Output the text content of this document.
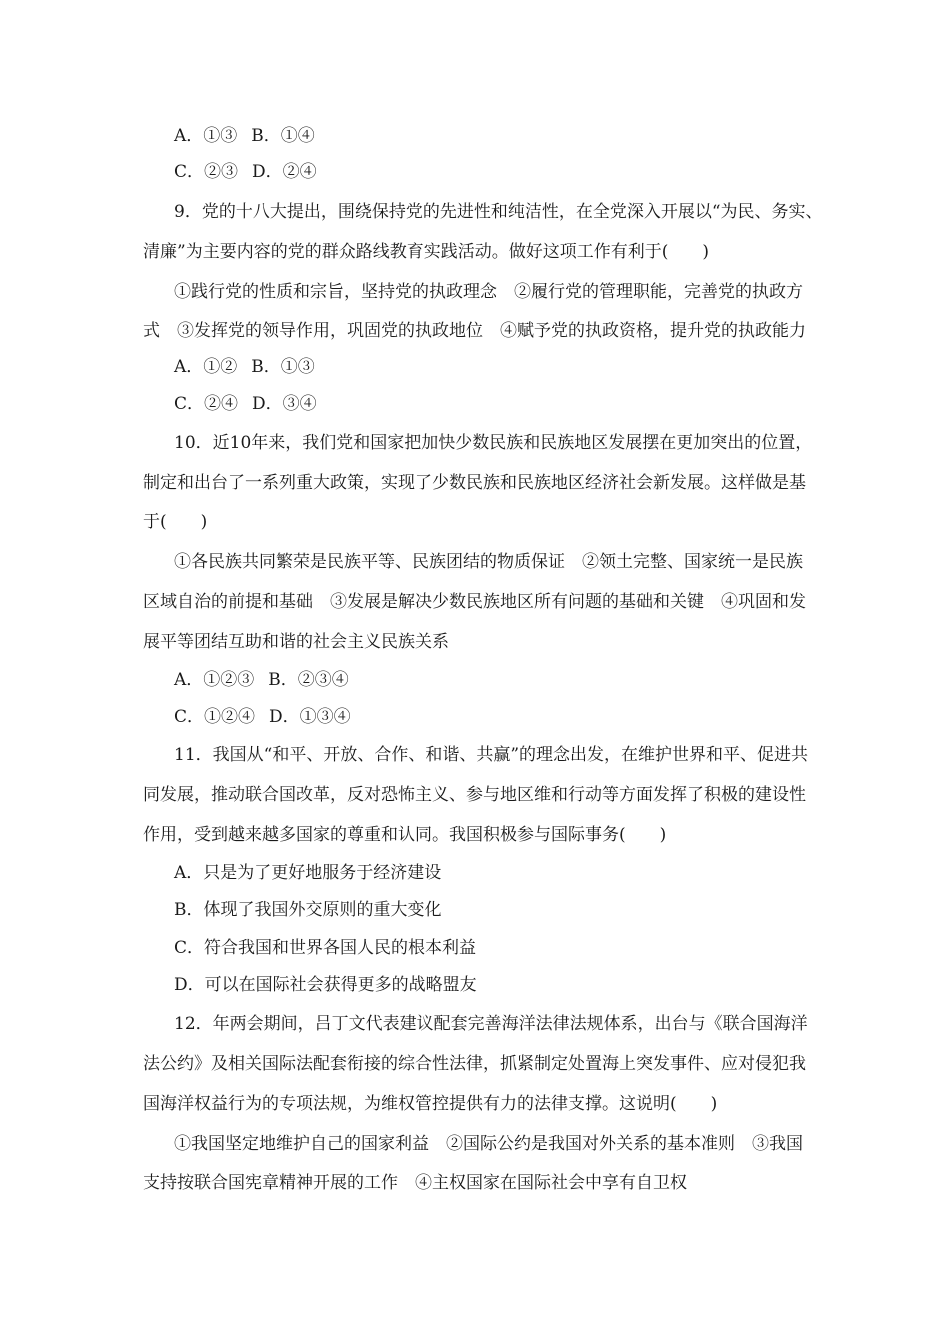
A．①③ B．①④
C．②③ D．②④
9．党的十八大提出，围绕保持党的先进性和纯洁性，在全党深入开展以“为民、务实、
清廉”为主要内容的党的群众路线教育实践活动。做好这项工作有利于(　　)
①践行党的性质和宗旨，坚持党的执政理念　②履行党的管理职能，完善党的执政方
式　③发挥党的领导作用，巩固党的执政地位　④赋予党的执政资格，提升党的执政能力
A．①② B．①③
C．②④ D．③④
10．近10年来，我们党和国家把加快少数民族和民族地区发展摆在更加突出的位置，
制定和出台了一系列重大政策，实现了少数民族和民族地区经济社会新发展。这样做是基
于(　　)
①各民族共同繁荣是民族平等、民族团结的物质保证　②领土完整、国家统一是民族
区域自治的前提和基础　③发展是解决少数民族地区所有问题的基础和关键　④巩固和发
展平等团结互助和谐的社会主义民族关系
A．①②③ B．②③④
C．①②④ D．①③④
11．我国从“和平、开放、合作、和谐、共赢”的理念出发，在维护世界和平、促进共
同发展，推动联合国改革，反对恐怖主义、参与地区维和行动等方面发挥了积极的建设性
作用，受到越来越多国家的尊重和认同。我国积极参与国际事务(　　)
A．只是为了更好地服务于经济建设
B．体现了我国外交原则的重大变化
C．符合我国和世界各国人民的根本利益
D．可以在国际社会获得更多的战略盟友
12．年两会期间，吕丁文代表建议配套完善海洋法律法规体系，出台与《联合国海洋
法公约》及相关国际法配套衔接的综合性法律，抓紧制定处置海上突发事件、应对侵犯我
国海洋权益行为的专项法规，为维权管控提供有力的法律支撑。这说明(　　)
①我国坚定地维护自己的国家利益　②国际公约是我国对外关系的基本准则　③我国
支持按联合国宪章精神开展的工作　④主权国家在国际社会中享有自卫权
